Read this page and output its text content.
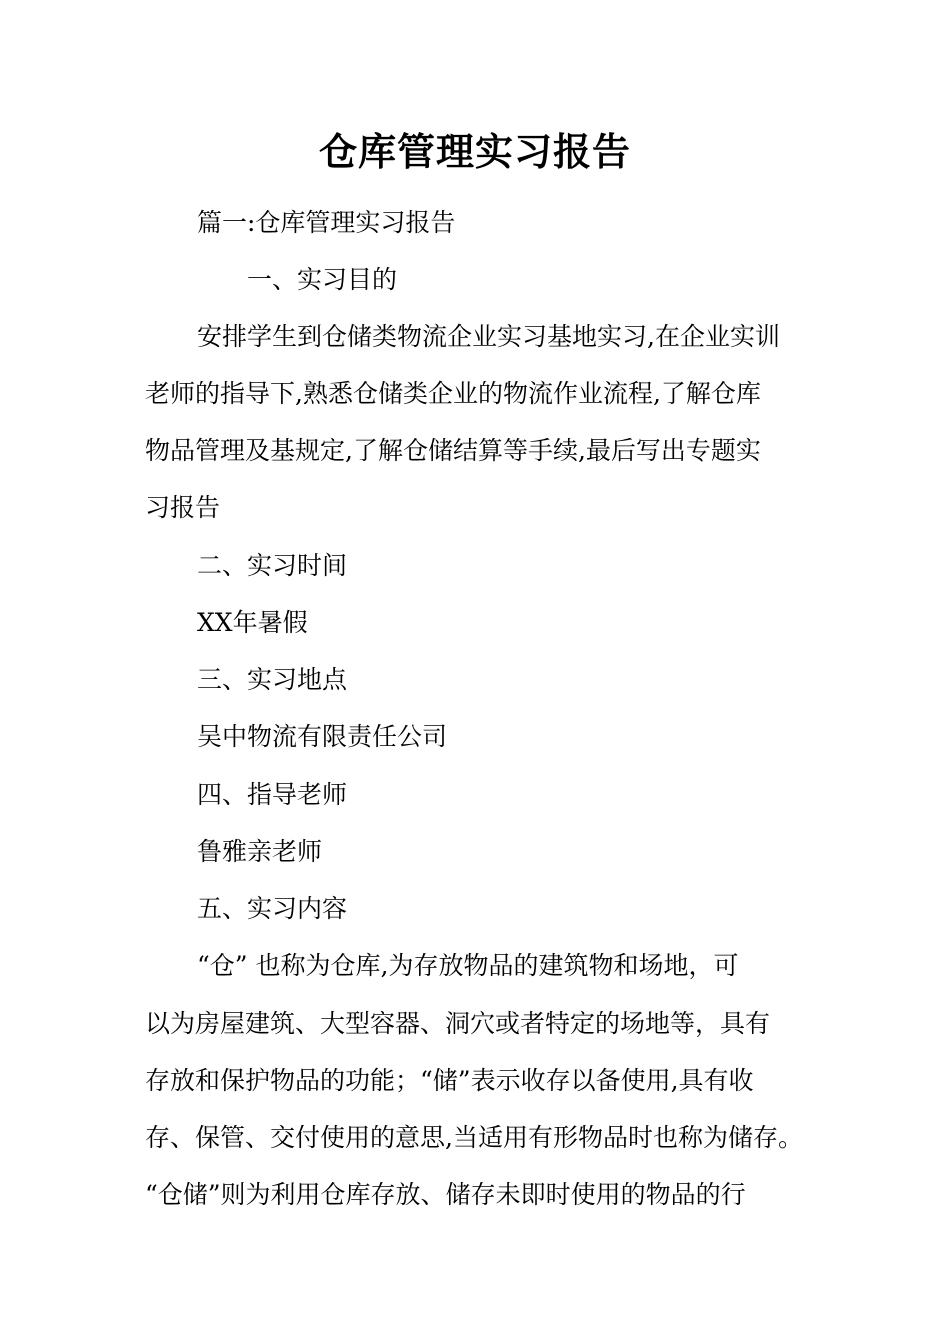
仓库管理实习报告
篇一:仓库管理实习报告
一、实习目的
安排学生到仓储类物流企业实习基地实习,在企业实训
老师的指导下,熟悉仓储类企业的物流作业流程,了解仓库
物品管理及基规定,了解仓储结算等手续,最后写出专题实
习报告
二、实习时间
XX年暑假
三、实习地点
吴中物流有限责任公司
四、指导老师
鲁雅亲老师
五、实习内容
“仓” 也称为仓库,为存放物品的建筑物和场地，可
以为房屋建筑、大型容器、洞穴或者特定的场地等，具有
存放和保护物品的功能；“储”表示收存以备使用,具有收
存、保管、交付使用的意思,当适用有形物品时也称为储存。
“仓储”则为利用仓库存放、储存未即时使用的物品的行
